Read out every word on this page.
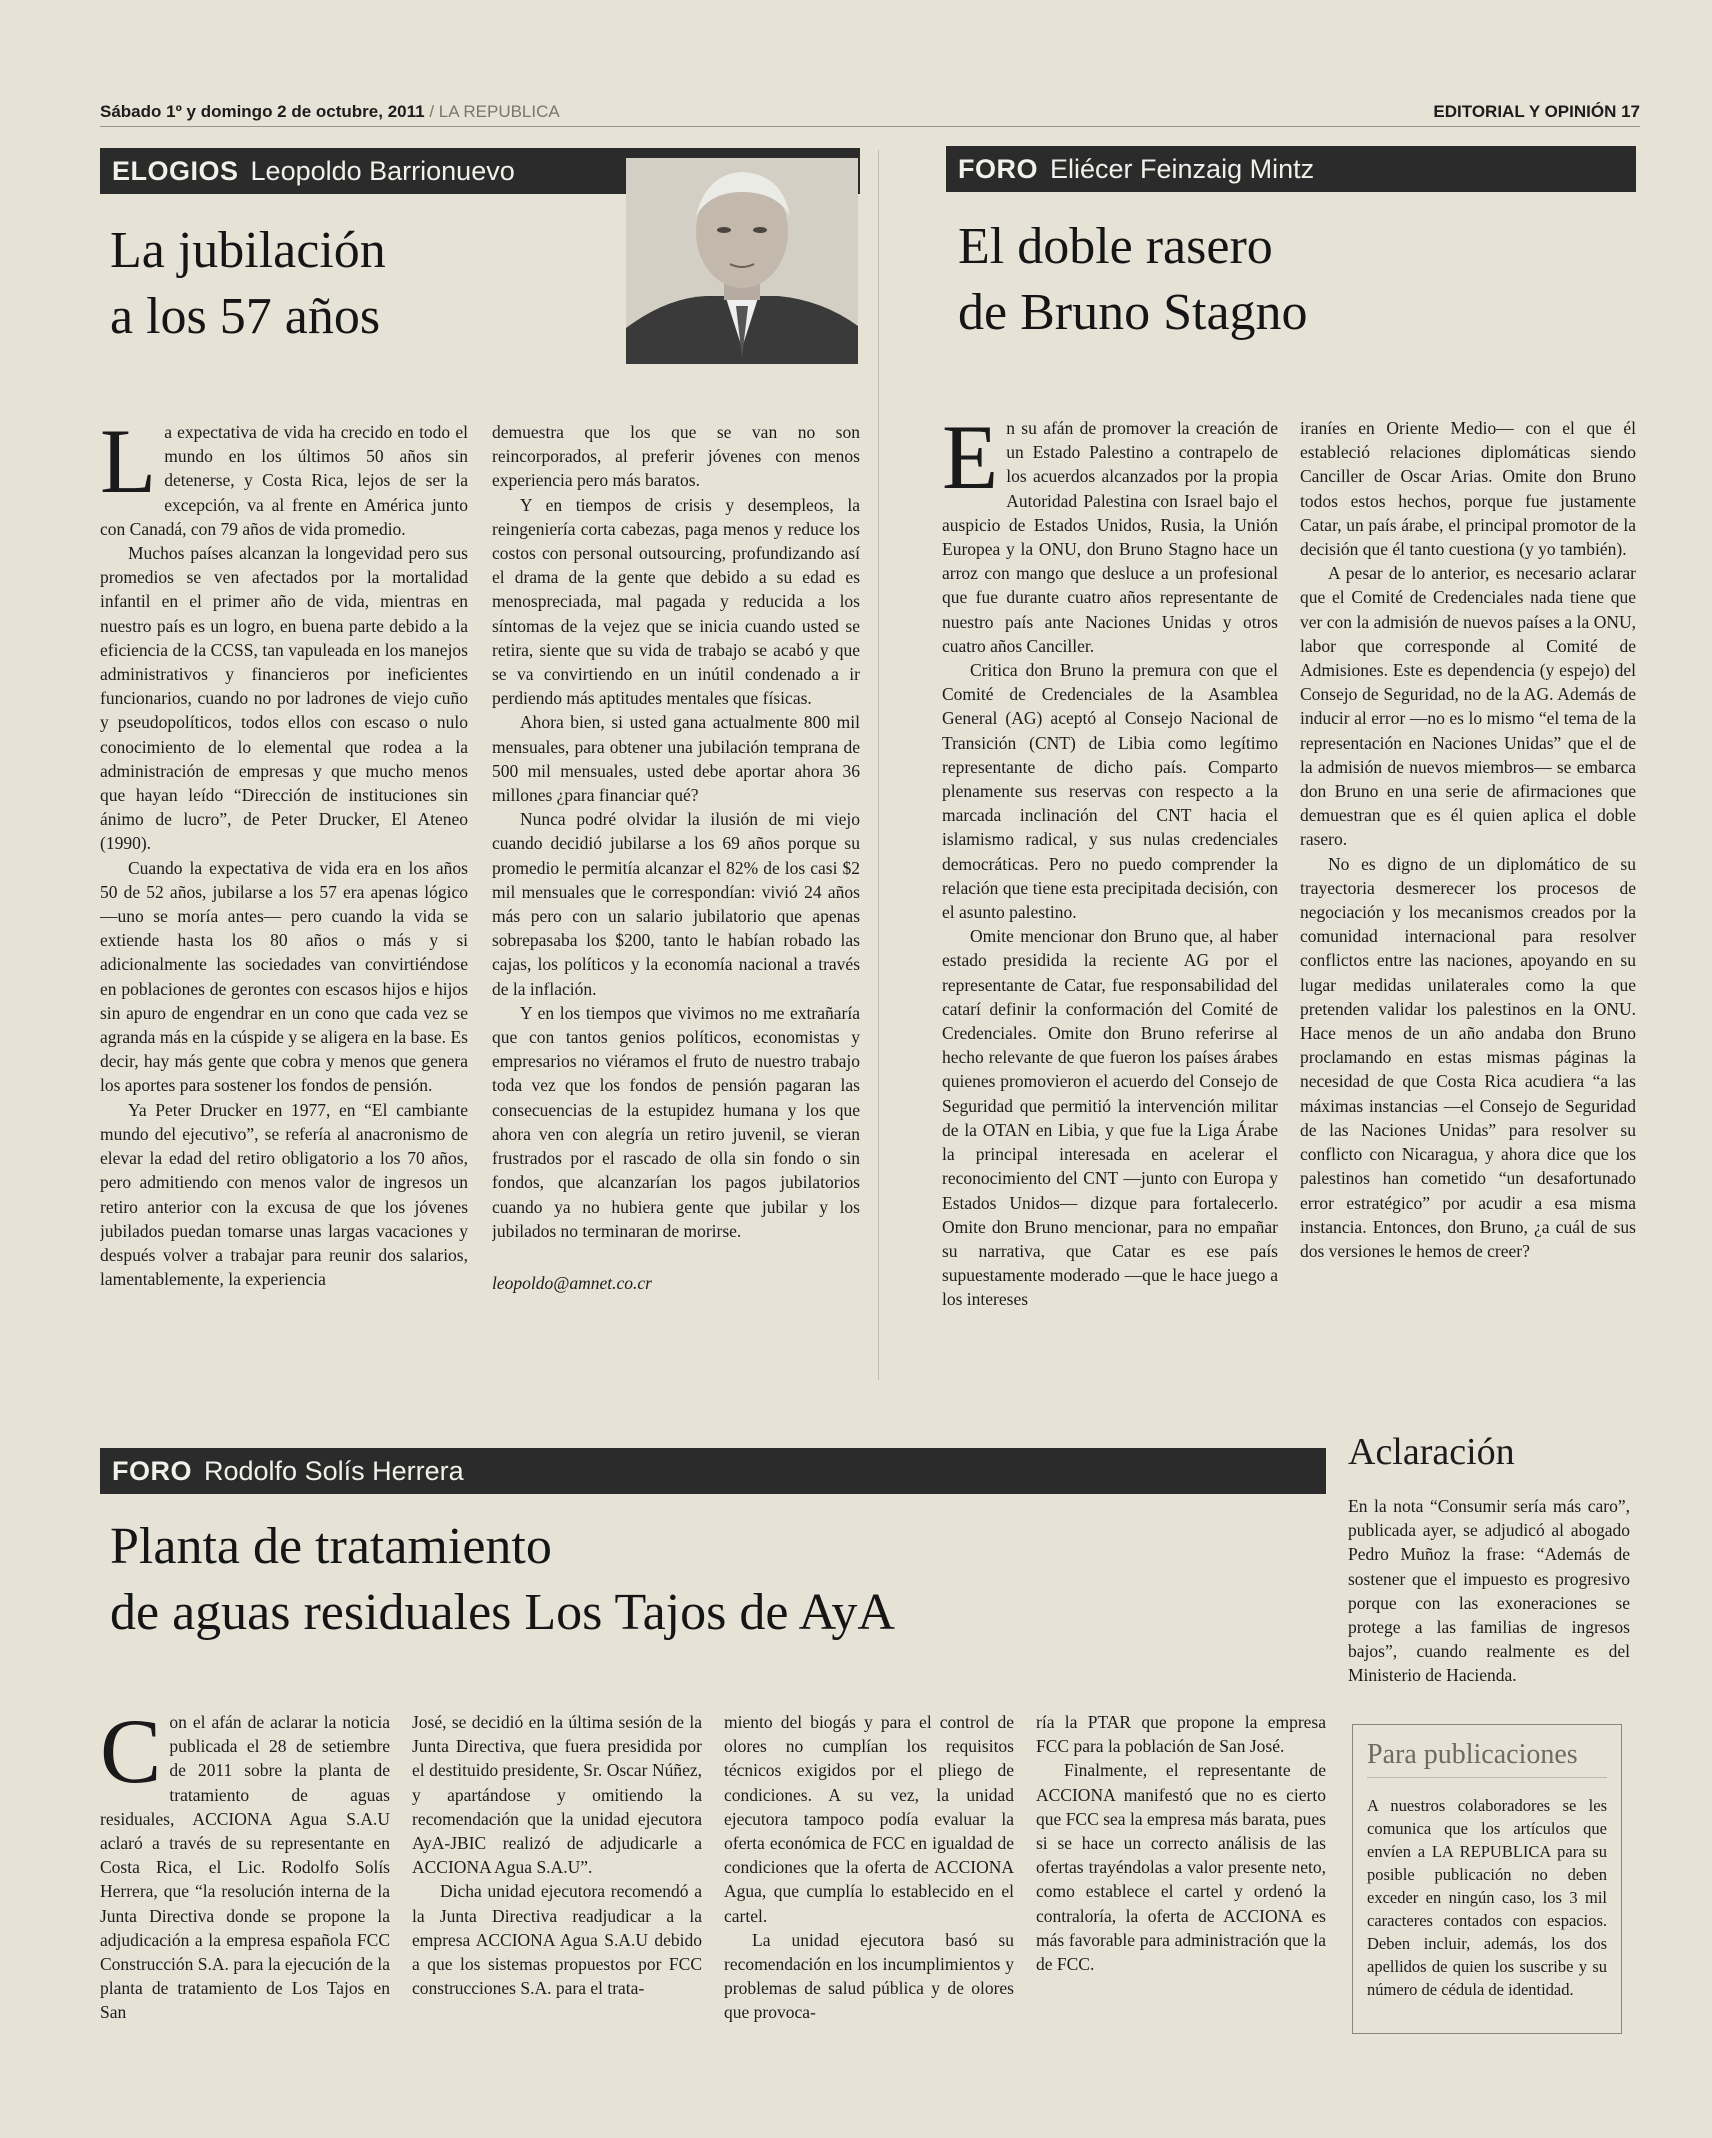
Sábado 1º y domingo 2 de octubre, 2011 / LA REPUBLICA	EDITORIAL Y OPINIÓN 17
ELOGIOS Leopoldo Barrionuevo
La jubilación
a los 57 años

La expectativa de vida ha crecido en todo el mundo en los últimos 50 años sin detenerse, y Costa Rica, lejos de ser la excepción, va al frente en América junto con Canadá, con 79 años de vida promedio.

Muchos países alcanzan la longevidad pero sus promedios se ven afectados por la mortalidad infantil en el primer año de vida, mientras en nuestro país es un logro, en buena parte debido a la eficiencia de la CCSS, tan vapuleada en los manejos administrativos y financieros por ineficientes funcionarios, cuando no por ladrones de viejo cuño y pseudopolíticos, todos ellos con escaso o nulo conocimiento de lo elemental que rodea a la administración de empresas y que mucho menos que hayan leído “Dirección de instituciones sin ánimo de lucro”, de Peter Drucker, El Ateneo (1990).

Cuando la expectativa de vida era en los años 50 de 52 años, jubilarse a los 57 era apenas lógico —uno se moría antes— pero cuando la vida se extiende hasta los 80 años o más y si adicionalmente las sociedades van convirtiéndose en poblaciones de gerontes con escasos hijos e hijos sin apuro de engendrar en un cono que cada vez se agranda más en la cúspide y se aligera en la base. Es decir, hay más gente que cobra y menos que genera los aportes para sostener los fondos de pensión.

Ya Peter Drucker en 1977, en “El cambiante mundo del ejecutivo”, se refería al anacronismo de elevar la edad del retiro obligatorio a los 70 años, pero admitiendo con menos valor de ingresos un retiro anterior con la excusa de que los jóvenes jubilados puedan tomarse unas largas vacaciones y después volver a trabajar para reunir dos salarios, lamentablemente, la experiencia

demuestra que los que se van no son reincorporados, al preferir jóvenes con menos experiencia pero más baratos.

Y en tiempos de crisis y desempleos, la reingeniería corta cabezas, paga menos y reduce los costos con personal outsourcing, profundizando así el drama de la gente que debido a su edad es menospreciada, mal pagada y reducida a los síntomas de la vejez que se inicia cuando usted se retira, siente que su vida de trabajo se acabó y que se va convirtiendo en un inútil condenado a ir perdiendo más aptitudes mentales que físicas.

Ahora bien, si usted gana actualmente 800 mil mensuales, para obtener una jubilación temprana de 500 mil mensuales, usted debe aportar ahora 36 millones ¿para financiar qué?

Nunca podré olvidar la ilusión de mi viejo cuando decidió jubilarse a los 69 años porque su promedio le permitía alcanzar el 82% de los casi $2 mil mensuales que le correspondían: vivió 24 años más pero con un salario jubilatorio que apenas sobrepasaba los $200, tanto le habían robado las cajas, los políticos y la economía nacional a través de la inflación.

Y en los tiempos que vivimos no me extrañaría que con tantos genios políticos, economistas y empresarios no viéramos el fruto de nuestro trabajo toda vez que los fondos de pensión pagaran las consecuencias de la estupidez humana y los que ahora ven con alegría un retiro juvenil, se vieran frustrados por el rascado de olla sin fondo o sin fondos, que alcanzarían los pagos jubilatorios cuando ya no hubiera gente que jubilar y los jubilados no terminaran de morirse.

leopoldo@amnet.co.cr

FORO Eliécer Feinzaig Mintz
El doble rasero
de Bruno Stagno

En su afán de promover la creación de un Estado Palestino a contrapelo de los acuerdos alcanzados por la propia Autoridad Palestina con Israel bajo el auspicio de Estados Unidos, Rusia, la Unión Europea y la ONU, don Bruno Stagno hace un arroz con mango que desluce a un profesional que fue durante cuatro años representante de nuestro país ante Naciones Unidas y otros cuatro años Canciller.

Critica don Bruno la premura con que el Comité de Credenciales de la Asamblea General (AG) aceptó al Consejo Nacional de Transición (CNT) de Libia como legítimo representante de dicho país. Comparto plenamente sus reservas con respecto a la marcada inclinación del CNT hacia el islamismo radical, y sus nulas credenciales democráticas. Pero no puedo comprender la relación que tiene esta precipitada decisión, con el asunto palestino.

Omite mencionar don Bruno que, al haber estado presidida la reciente AG por el representante de Catar, fue responsabilidad del catarí definir la conformación del Comité de Credenciales. Omite don Bruno referirse al hecho relevante de que fueron los países árabes quienes promovieron el acuerdo del Consejo de Seguridad que permitió la intervención militar de la OTAN en Libia, y que fue la Liga Árabe la principal interesada en acelerar el reconocimiento del CNT —junto con Europa y Estados Unidos— dizque para fortalecerlo. Omite don Bruno mencionar, para no empañar su narrativa, que Catar es ese país supuestamente moderado —que le hace juego a los intereses

iraníes en Oriente Medio— con el que él estableció relaciones diplomáticas siendo Canciller de Oscar Arias. Omite don Bruno todos estos hechos, porque fue justamente Catar, un país árabe, el principal promotor de la decisión que él tanto cuestiona (y yo también).

A pesar de lo anterior, es necesario aclarar que el Comité de Credenciales nada tiene que ver con la admisión de nuevos países a la ONU, labor que corresponde al Comité de Admisiones. Este es dependencia (y espejo) del Consejo de Seguridad, no de la AG. Además de inducir al error —no es lo mismo “el tema de la representación en Naciones Unidas” que el de la admisión de nuevos miembros— se embarca don Bruno en una serie de afirmaciones que demuestran que es él quien aplica el doble rasero.

No es digno de un diplomático de su trayectoria desmerecer los procesos de negociación y los mecanismos creados por la comunidad internacional para resolver conflictos entre las naciones, apoyando en su lugar medidas unilaterales como la que pretenden validar los palestinos en la ONU. Hace menos de un año andaba don Bruno proclamando en estas mismas páginas la necesidad de que Costa Rica acudiera “a las máximas instancias —el Consejo de Seguridad de las Naciones Unidas” para resolver su conflicto con Nicaragua, y ahora dice que los palestinos han cometido “un desafortunado error estratégico” por acudir a esa misma instancia. Entonces, don Bruno, ¿a cuál de sus dos versiones le hemos de creer?

FORO Rodolfo Solís Herrera
Planta de tratamiento
de aguas residuales Los Tajos de AyA

Con el afán de aclarar la noticia publicada el 28 de setiembre de 2011 sobre la planta de tratamiento de aguas residuales, ACCIONA Agua S.A.U aclaró a través de su representante en Costa Rica, el Lic. Rodolfo Solís Herrera, que “la resolución interna de la Junta Directiva donde se propone la adjudicación a la empresa española FCC Construcción S.A. para la ejecución de la planta de tratamiento de Los Tajos en San

José, se decidió en la última sesión de la Junta Directiva, que fuera presidida por el destituido presidente, Sr. Oscar Núñez, y apartándose y omitiendo la recomendación que la unidad ejecutora AyA-JBIC realizó de adjudicarle a ACCIONA Agua S.A.U”.

Dicha unidad ejecutora recomendó a la Junta Directiva readjudicar a la empresa ACCIONA Agua S.A.U debido a que los sistemas propuestos por FCC construcciones S.A. para el trata-

miento del biogás y para el control de olores no cumplían los requisitos técnicos exigidos por el pliego de condiciones. A su vez, la unidad ejecutora tampoco podía evaluar la oferta económica de FCC en igualdad de condiciones que la oferta de ACCIONA Agua, que cumplía lo establecido en el cartel.

La unidad ejecutora basó su recomendación en los incumplimientos y problemas de salud pública y de olores que provoca-

ría la PTAR que propone la empresa FCC para la población de San José.

Finalmente, el representante de ACCIONA manifestó que no es cierto que FCC sea la empresa más barata, pues si se hace un correcto análisis de las ofertas trayéndolas a valor presente neto, como establece el cartel y ordenó la contraloría, la oferta de ACCIONA es más favorable para administración que la de FCC.

Aclaración

En la nota “Consumir sería más caro”, publicada ayer, se adjudicó al abogado Pedro Muñoz la frase: “Además de sostener que el impuesto es progresivo porque con las exoneraciones se protege a las familias de ingresos bajos”, cuando realmente es del Ministerio de Hacienda.

Para publicaciones
A nuestros colaboradores se les comunica que los artículos que envíen a LA REPUBLICA para su posible publicación no deben exceder en ningún caso, los 3 mil caracteres contados con espacios. Deben incluir, además, los dos apellidos de quien los suscribe y su número de cédula de identidad.
